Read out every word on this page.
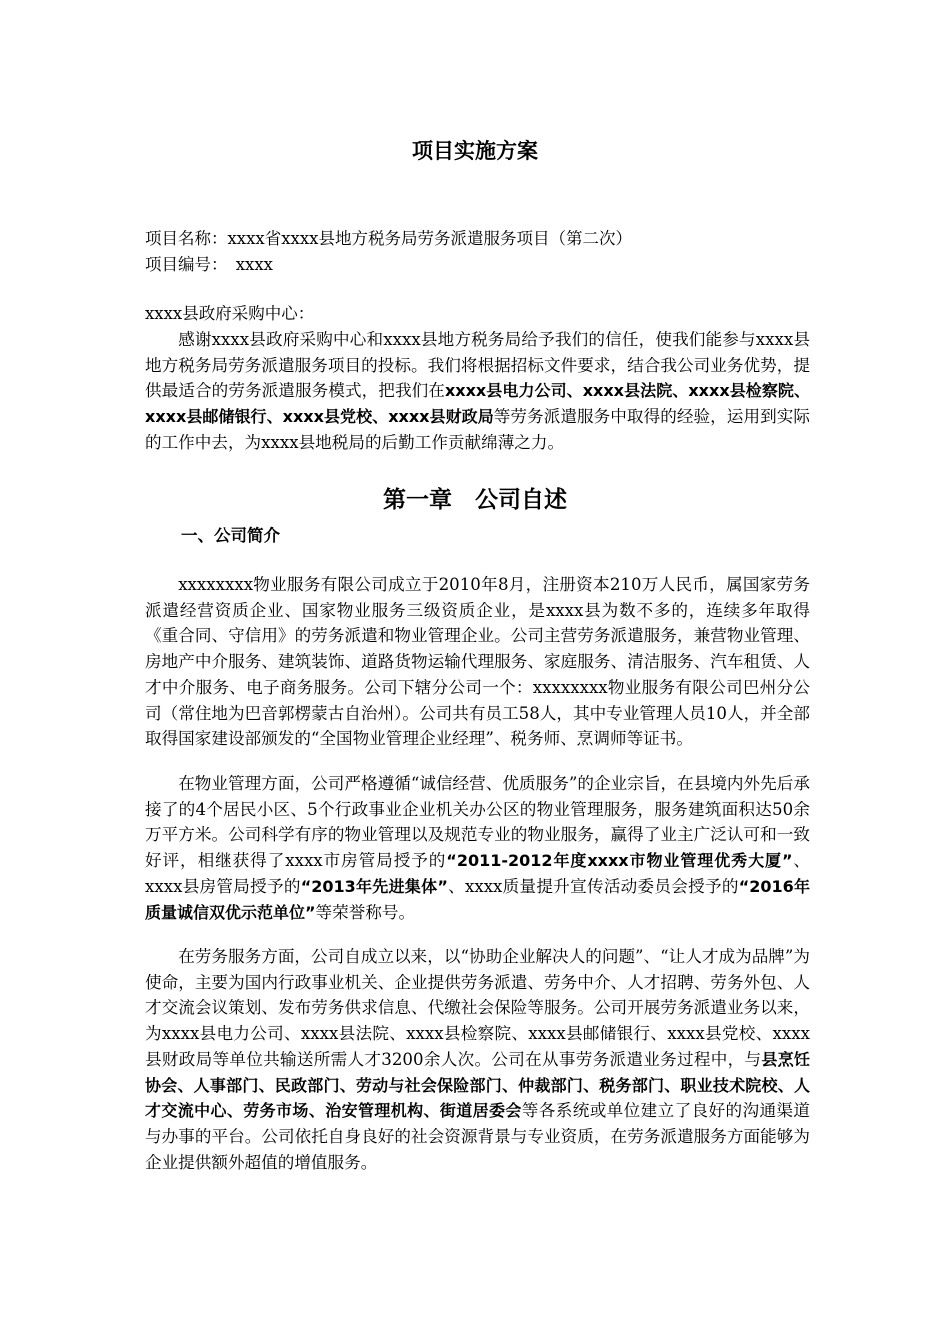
项目实施方案
项目名称：xxxx省xxxx县地方税务局劳务派遣服务项目（第二次）
项目编号：　xxxx
xxxx县政府采购中心：
感谢xxxx县政府采购中心和xxxx县地方税务局给予我们的信任，使我们能参与xxxx县地方税务局劳务派遣服务项目的投标。我们将根据招标文件要求，结合我公司业务优势，提供最适合的劳务派遣服务模式，把我们在xxxx县电力公司、xxxx县法院、xxxx县检察院、xxxx县邮储银行、xxxx县党校、xxxx县财政局等劳务派遣服务中取得的经验，运用到实际的工作中去，为xxxx县地税局的后勤工作贡献绵薄之力。
第一章　公司自述
一、公司简介
xxxxxxxx物业服务有限公司成立于2010年8月，注册资本210万人民币，属国家劳务派遣经营资质企业、国家物业服务三级资质企业，是xxxx县为数不多的，连续多年取得《重合同、守信用》的劳务派遣和物业管理企业。公司主营劳务派遣服务，兼营物业管理、房地产中介服务、建筑装饰、道路货物运输代理服务、家庭服务、清洁服务、汽车租赁、人才中介服务、电子商务服务。公司下辖分公司一个：xxxxxxxx物业服务有限公司巴州分公司（常住地为巴音郭楞蒙古自治州）。公司共有员工58人，其中专业管理人员10人，并全部取得国家建设部颁发的“全国物业管理企业经理”、税务师、烹调师等证书。
在物业管理方面，公司严格遵循“诚信经营、优质服务”的企业宗旨，在县境内外先后承接了的4个居民小区、5个行政事业企业机关办公区的物业管理服务，服务建筑面积达50余万平方米。公司科学有序的物业管理以及规范专业的物业服务，赢得了业主广泛认可和一致好评，相继获得了xxxx市房管局授予的“2011-2012年度xxxx市物业管理优秀大厦”、xxxx县房管局授予的“2013年先进集体”、xxxx质量提升宣传活动委员会授予的“2016年质量诚信双优示范单位”等荣誉称号。
在劳务服务方面，公司自成立以来，以“协助企业解决人的问题”、“让人才成为品牌”为使命，主要为国内行政事业机关、企业提供劳务派遣、劳务中介、人才招聘、劳务外包、人才交流会议策划、发布劳务供求信息、代缴社会保险等服务。公司开展劳务派遣业务以来，为xxxx县电力公司、xxxx县法院、xxxx县检察院、xxxx县邮储银行、xxxx县党校、xxxx县财政局等单位共输送所需人才3200余人次。公司在从事劳务派遣业务过程中，与县烹饪协会、人事部门、民政部门、劳动与社会保险部门、仲裁部门、税务部门、职业技术院校、人才交流中心、劳务市场、治安管理机构、街道居委会等各系统或单位建立了良好的沟通渠道与办事的平台。公司依托自身良好的社会资源背景与专业资质，在劳务派遣服务方面能够为企业提供额外超值的增值服务。
